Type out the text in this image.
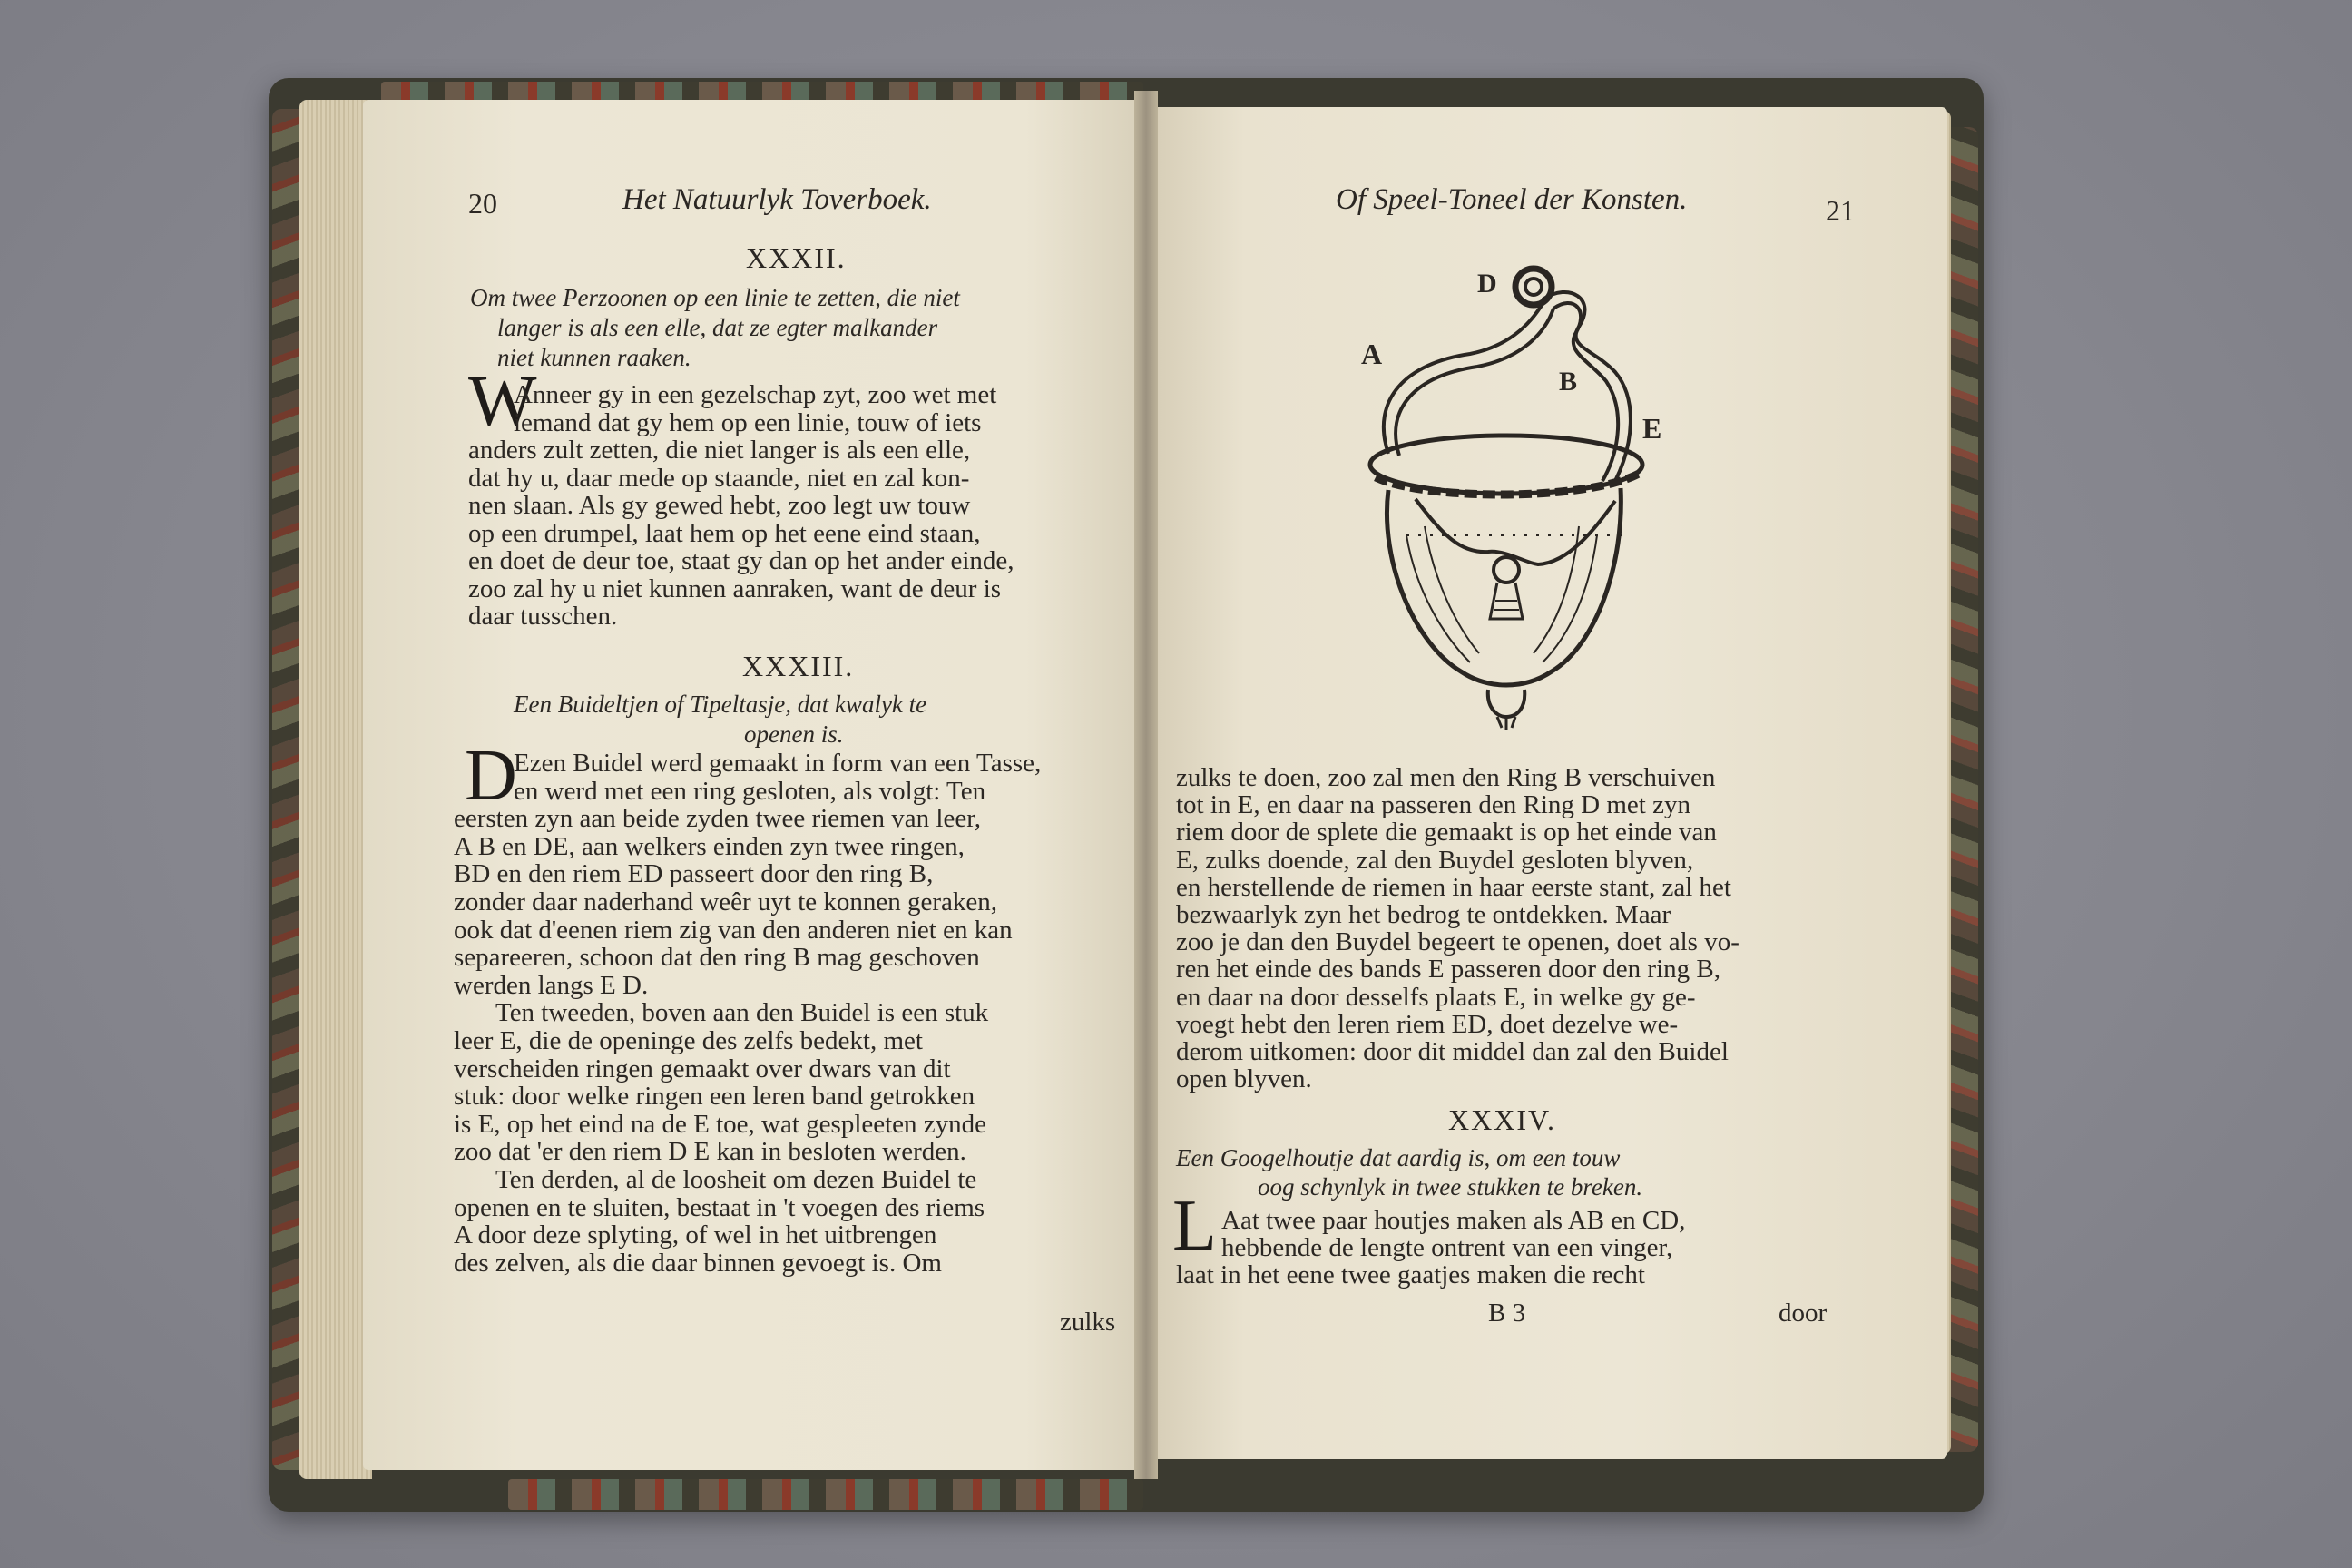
20	Het Natuurlyk Toverboek.
XXXII.
Om twee Perzoonen op een linie te zetten, die niet
langer is als een elle, dat ze egter malkander
niet kunnen raaken.
W
Anneer gy in een gezelschap zyt, zoo wet met
iemand dat gy hem op een linie, touw of iets
anders zult zetten, die niet langer is als een elle,
dat hy u, daar mede op staande, niet en zal kon-
nen slaan. Als gy gewed hebt, zoo legt uw touw
op een drumpel, laat hem op het eene eind staan,
en doet de deur toe, staat gy dan op het ander einde,
zoo zal hy u niet kunnen aanraken, want de deur is
daar tusschen.
XXXIII.
Een Buideltjen of Tipeltasje, dat kwalyk te
openen is.
D
Ezen Buidel werd gemaakt in form van een Tasse,
en werd met een ring gesloten, als volgt: Ten
eersten zyn aan beide zyden twee riemen van leer,
A B en DE, aan welkers einden zyn twee ringen,
BD en den riem ED passeert door den ring B,
zonder daar naderhand weêr uyt te konnen geraken,
ook dat d'eenen riem zig van den anderen niet en kan
separeeren, schoon dat den ring B mag geschoven
werden langs E D.
Ten tweeden, boven aan den Buidel is een stuk
leer E, die de openinge des zelfs bedekt, met
verscheiden ringen gemaakt over dwars van dit
stuk: door welke ringen een leren band getrokken
is E, op het eind na de E toe, wat gespleeten zynde
zoo dat 'er den riem D E kan in besloten werden.
Ten derden, al de loosheit om dezen Buidel te
openen en te sluiten, bestaat in 't voegen des riems
A door deze splyting, of wel in het uitbrengen
des zelven, als die daar binnen gevoegt is. Om
zulks
Of Speel-Toneel der Konsten.	21
D
A
B
E
zulks te doen, zoo zal men den Ring B verschuiven
tot in E, en daar na passeren den Ring D met zyn
riem door de splete die gemaakt is op het einde van
E, zulks doende, zal den Buydel gesloten blyven,
en herstellende de riemen in haar eerste stant, zal het
bezwaarlyk zyn het bedrog te ontdekken. Maar
zoo je dan den Buydel begeert te openen, doet als vo-
ren het einde des bands E passeren door den ring B,
en daar na door desselfs plaats E, in welke gy ge-
voegt hebt den leren riem ED, doet dezelve we-
derom uitkomen: door dit middel dan zal den Buidel
open blyven.
XXXIV.
Een Googelhoutje dat aardig is, om een touw
oog schynlyk in twee stukken te breken.
L Aat twee paar houtjes maken als AB en CD,
hebbende de lengte ontrent van een vinger,
laat in het eene twee gaatjes maken die recht
B 3	door
